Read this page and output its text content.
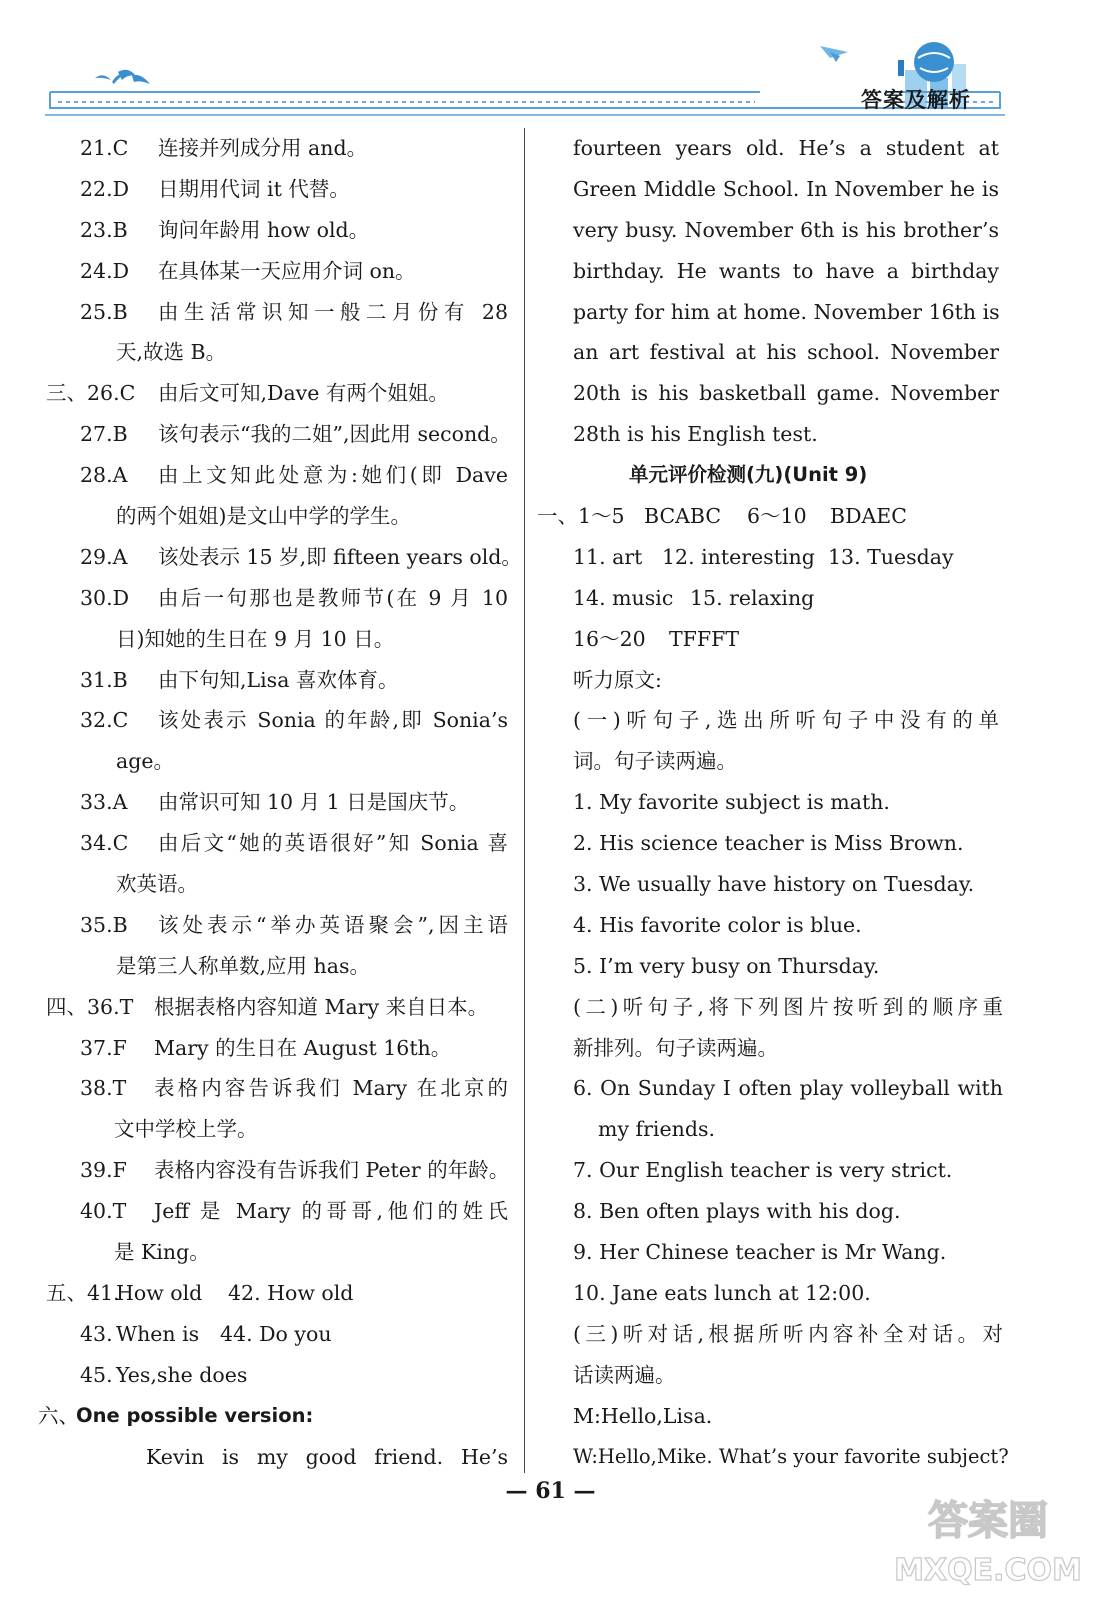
答案及解析
21.C 连接并列成分用 and。
22.D 日期用代词 it 代替。
23.B 询问年龄用 how old。
24.D 在具体某一天应用介词 on。
25.B 由生活常识知一般二月份有 28
天,故选 B。
三、26.C 由后文可知,Dave 有两个姐姐。
27.B 该句表示“我的二姐”,因此用 second。
28.A 由上文知此处意为:她们(即 Dave
的两个姐姐)是文山中学的学生。
29.A 该处表示 15 岁,即 fifteen years old。
30.D 由后一句那也是教师节(在 9 月 10
日)知她的生日在 9 月 10 日。
31.B 由下句知,Lisa 喜欢体育。
32.C 该处表示 Sonia 的年龄,即 Sonia’s
age。
33.A 由常识可知 10 月 1 日是国庆节。
34.C 由后文“她的英语很好”知 Sonia 喜
欢英语。
35.B 该处表示“举办英语聚会”,因主语
是第三人称单数,应用 has。
四、36.T 根据表格内容知道 Mary 来自日本。
37.F Mary 的生日在 August 16th。
38.T 表格内容告诉我们 Mary 在北京的
文中学校上学。
39.F 表格内容没有告诉我们 Peter 的年龄。
40.T Jeff 是 Mary 的哥哥,他们的姓氏
是 King。
五、41.
How old 42. How old
43. When is 44. Do you
45. Yes,she does
六、
One possible version:
Kevin is my good friend. He’s
fourteen years old. He’s a student at
Green Middle School. In November he is
very busy. November 6th is his brother’s
birthday. He wants to have a birthday
party for him at home. November 16th is
an art festival at his school. November
20th is his basketball game. November
28th is his English test.
单元评价检测(九)(Unit 9)
一、1～5 BCABC 6～10 BDAEC
11. art 12. interesting 13. Tuesday
14. music 15. relaxing
16～20 TFFFT
听力原文:
(一)听句子,选出所听句子中没有的单
词。句子读两遍。
1. My favorite subject is math.
2. His science teacher is Miss Brown.
3. We usually have history on Tuesday.
4. His favorite color is blue.
5. I’m very busy on Thursday.
(二)听句子,将下列图片按听到的顺序重
新排列。句子读两遍。
6. On Sunday I often play volleyball with
my friends.
7. Our English teacher is very strict.
8. Ben often plays with his dog.
9. Her Chinese teacher is Mr Wang.
10. Jane eats lunch at 12:00.
(三)听对话,根据所听内容补全对话。对
话读两遍。
M:Hello,Lisa.
W:Hello,Mike. What’s your favorite subject?
— 61 —
答案圈
MXQE.COM
